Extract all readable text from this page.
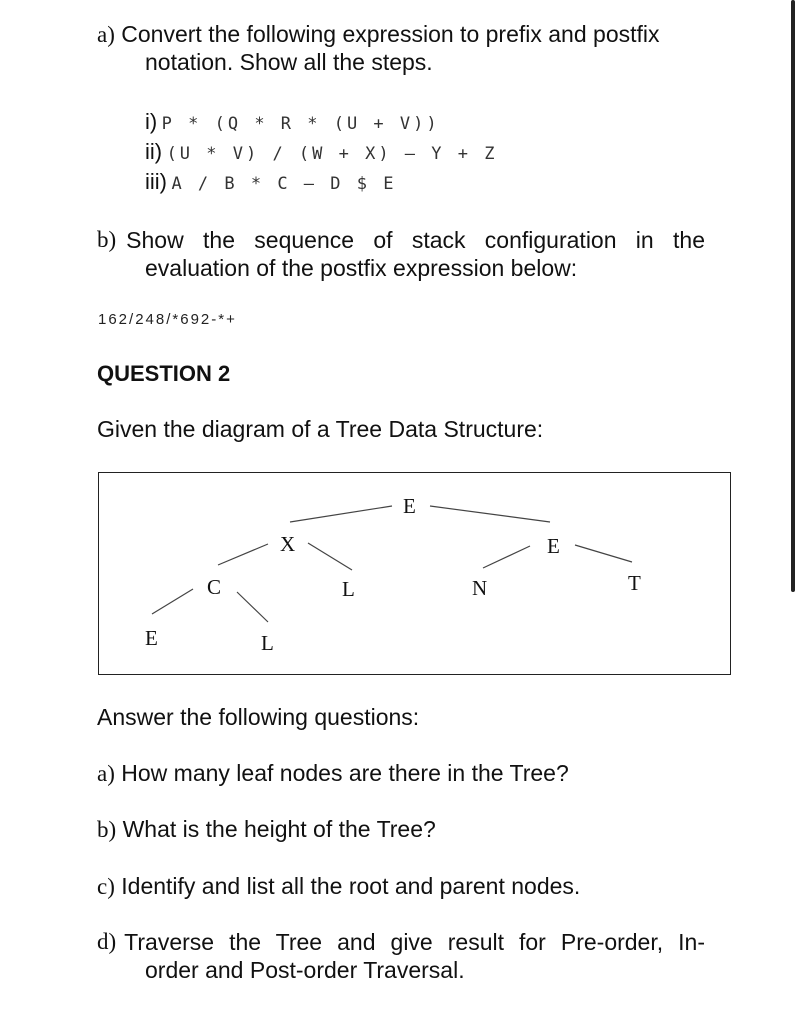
a) Convert the following expression to prefix and postfix
notation. Show all the steps.
i) P * (Q * R * (U + V))
ii) (U * V) / (W + X) – Y + Z
iii) A / B * C – D $ E
b) Show the sequence of stack configuration in the
evaluation of the postfix expression below:
162/248/*692-*+
QUESTION 2
Given the diagram of a Tree Data Structure:
E
X	E
C	L	N	T
E	L
Answer the following questions:
a) How many leaf nodes are there in the Tree?
b) What is the height of the Tree?
c) Identify and list all the root and parent nodes.
d) Traverse the Tree and give result for Pre-order, In-
order and Post-order Traversal.
